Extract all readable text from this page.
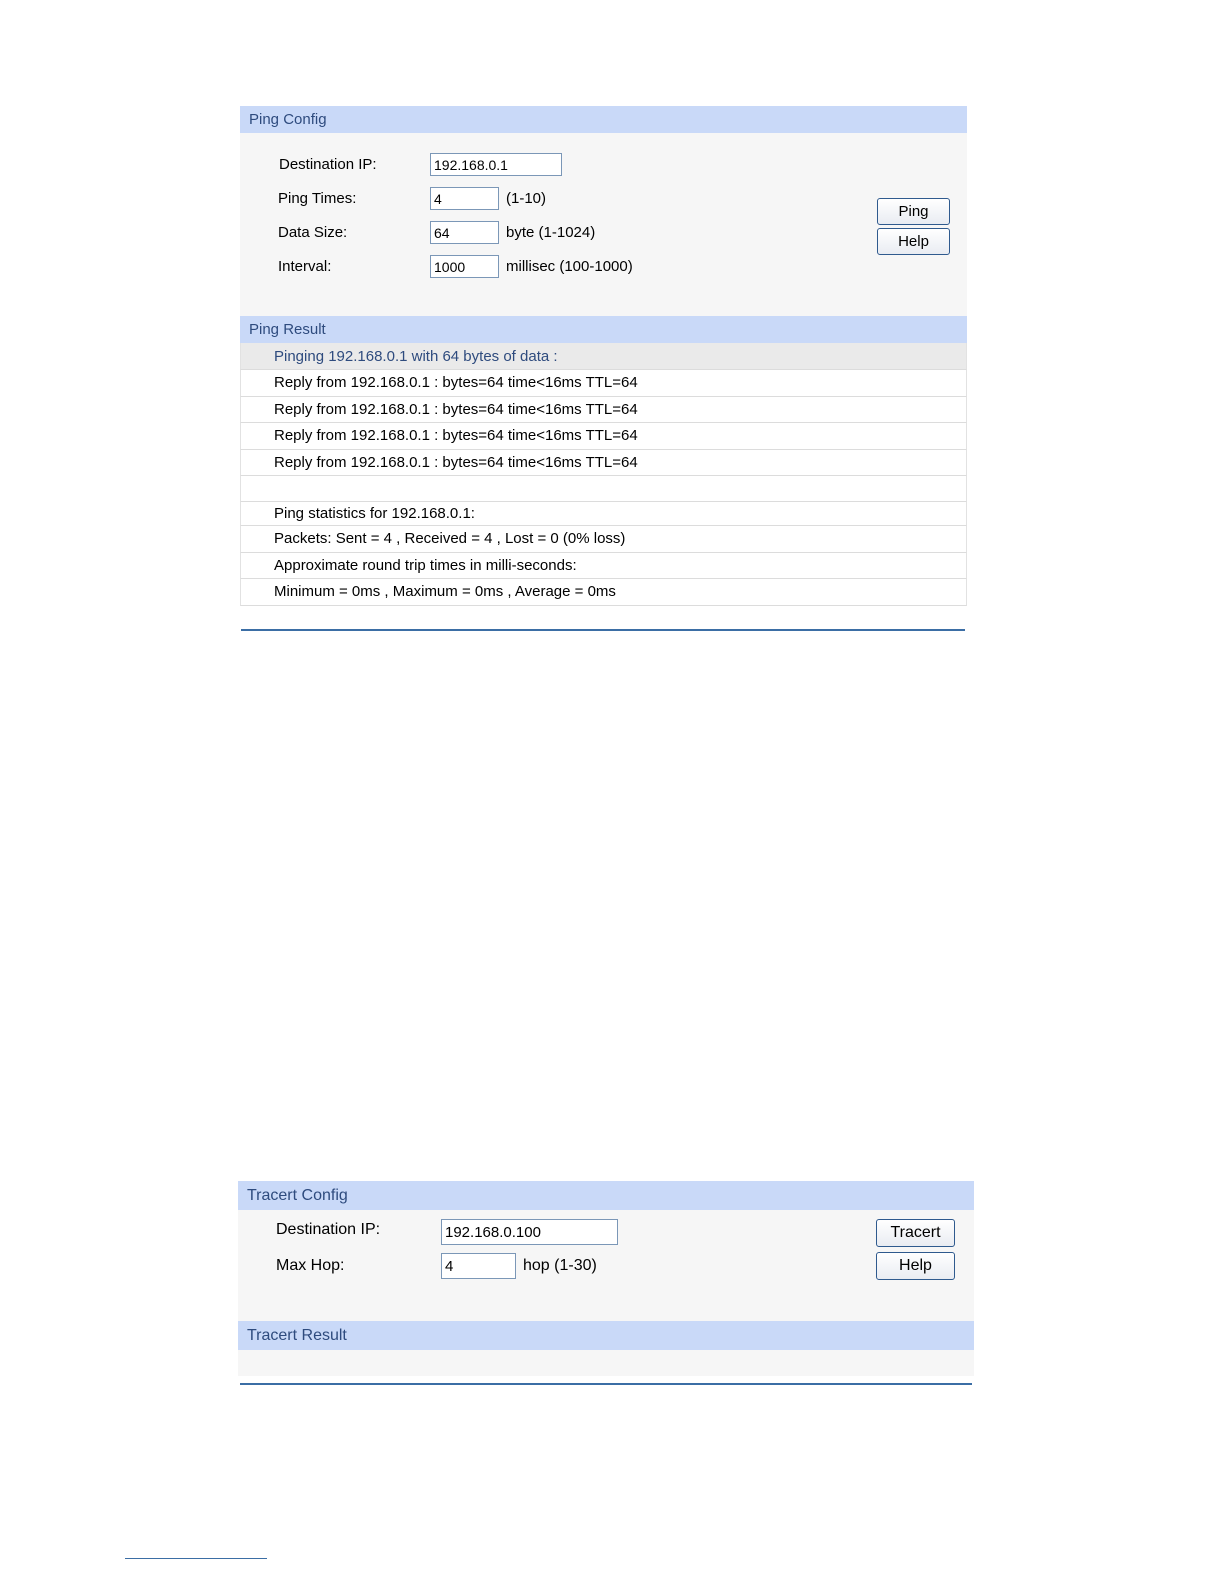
Ping Config
Destination IP:
192.168.0.1
Ping Times:
4	(1-10)
Data Size:
64	byte (1-1024)
Interval:
1000	millisec (100-1000)
Ping
Help
Ping Result
Pinging 192.168.0.1 with 64 bytes of data :
Reply from 192.168.0.1 : bytes=64 time<16ms TTL=64
Reply from 192.168.0.1 : bytes=64 time<16ms TTL=64
Reply from 192.168.0.1 : bytes=64 time<16ms TTL=64
Reply from 192.168.0.1 : bytes=64 time<16ms TTL=64
Ping statistics for 192.168.0.1:
Packets: Sent = 4 , Received = 4 , Lost = 0 (0% loss)
Approximate round trip times in milli-seconds:
Minimum = 0ms , Maximum = 0ms , Average = 0ms
Tracert Config
Destination IP:
192.168.0.100
Max Hop:
4	hop (1-30)
Tracert
Help
Tracert Result
